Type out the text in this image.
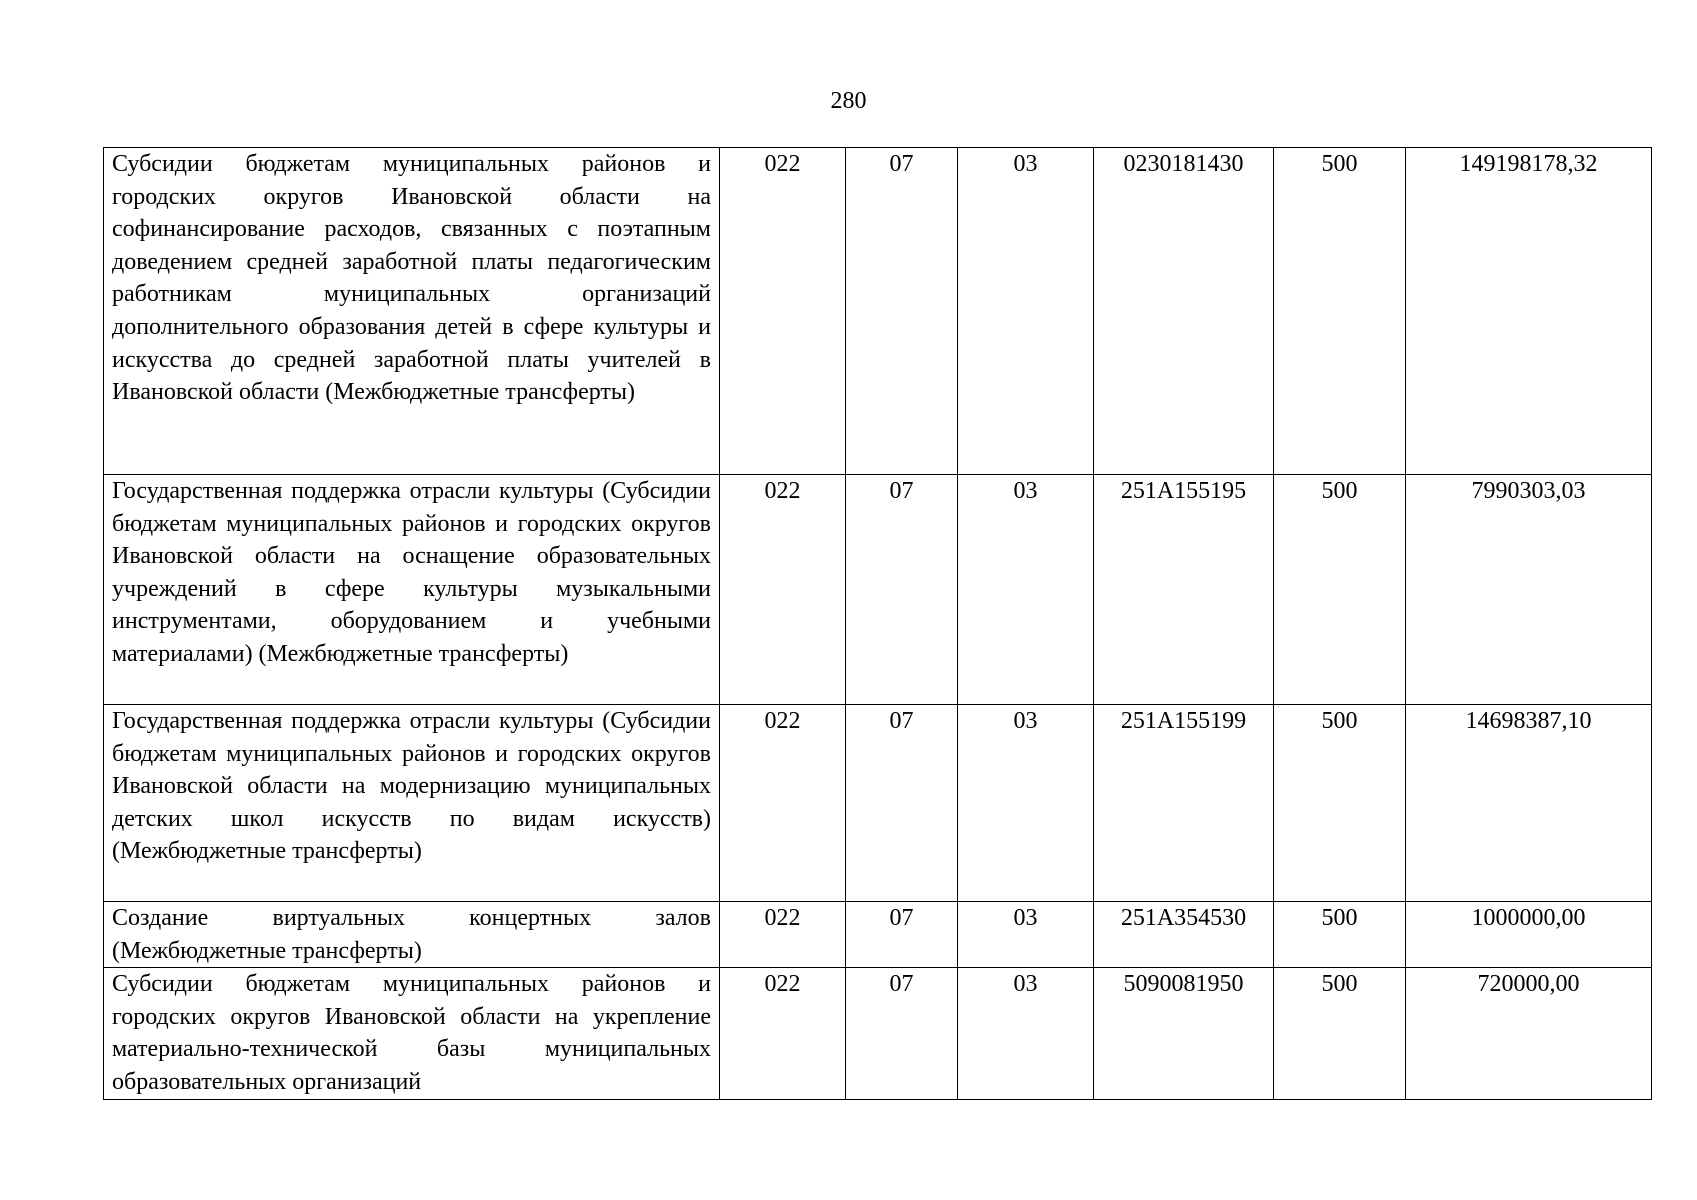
280
Субсидии бюджетам муниципальных районов и городских округов Ивановской области на софинансирование расходов, связанных с поэтапным доведением средней заработной платы педагогическим работникам муниципальных организаций дополнительного образования детей в сфере культуры и искусства до средней заработной платы учителей в Ивановской области (Межбюджетные трансферты)	022	07	03	0230181430	500	149198178,32
Государственная поддержка отрасли культуры (Субсидии бюджетам муниципальных районов и городских округов Ивановской области на оснащение образовательных учреждений в сфере культуры музыкальными инструментами, оборудованием и учебными материалами) (Межбюджетные трансферты)	022	07	03	251A155195	500	7990303,03
Государственная поддержка отрасли культуры (Субсидии бюджетам муниципальных районов и городских округов Ивановской области на модернизацию муниципальных детских школ искусств по видам искусств) (Межбюджетные трансферты)	022	07	03	251A155199	500	14698387,10
Создание виртуальных концертных залов (Межбюджетные трансферты)	022	07	03	251A354530	500	1000000,00
Субсидии бюджетам муниципальных районов и городских округов Ивановской области на укрепление материально-технической базы муниципальных образовательных организаций	022	07	03	5090081950	500	720000,00
